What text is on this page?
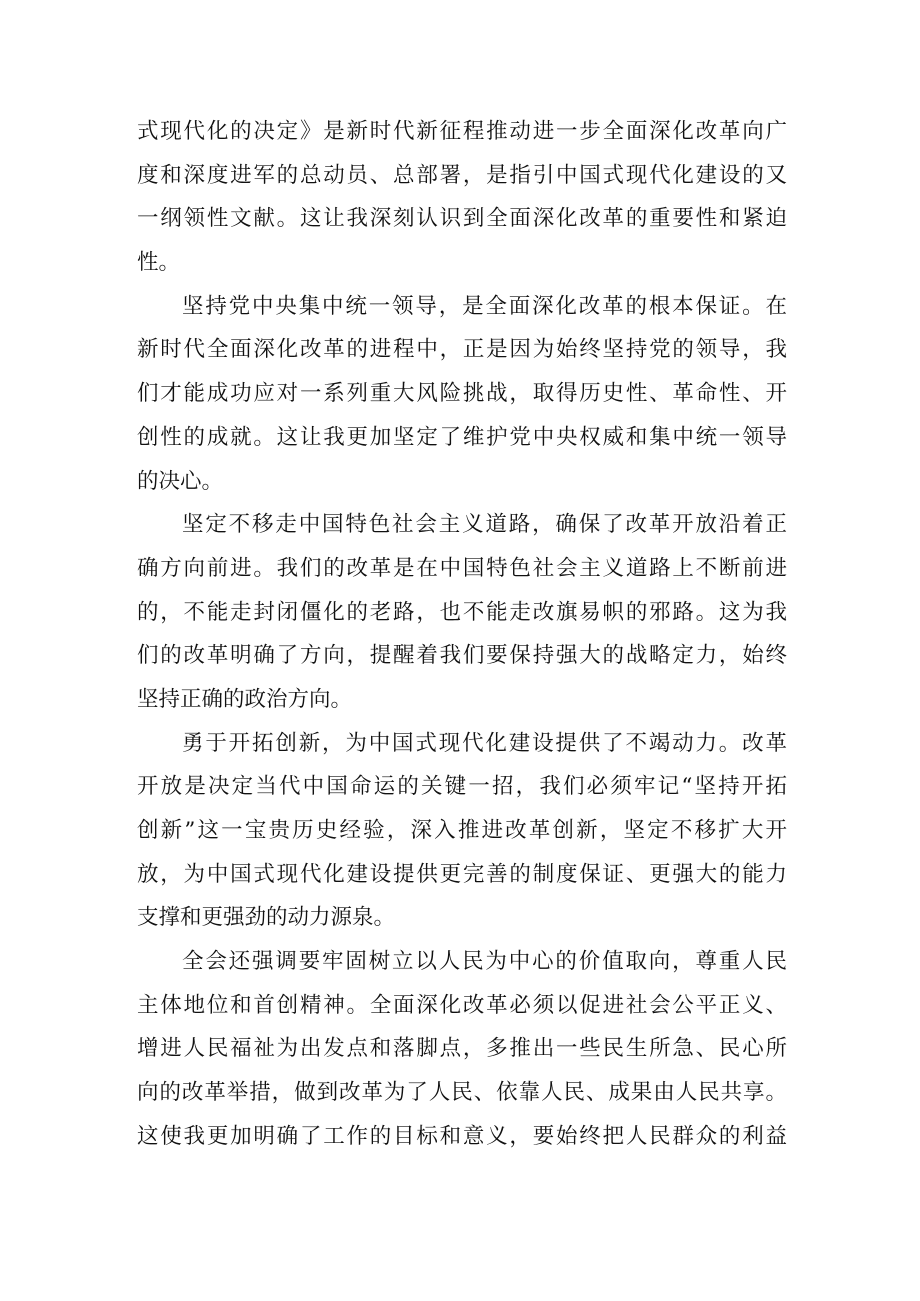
式现代化的决定》是新时代新征程推动进一步全面深化改革向广
度和深度进军的总动员、总部署，是指引中国式现代化建设的又
一纲领性文献。这让我深刻认识到全面深化改革的重要性和紧迫
性。
坚持党中央集中统一领导，是全面深化改革的根本保证。在
新时代全面深化改革的进程中，正是因为始终坚持党的领导，我
们才能成功应对一系列重大风险挑战，取得历史性、革命性、开
创性的成就。这让我更加坚定了维护党中央权威和集中统一领导
的决心。
坚定不移走中国特色社会主义道路，确保了改革开放沿着正
确方向前进。我们的改革是在中国特色社会主义道路上不断前进
的，不能走封闭僵化的老路，也不能走改旗易帜的邪路。这为我
们的改革明确了方向，提醒着我们要保持强大的战略定力，始终
坚持正确的政治方向。
勇于开拓创新，为中国式现代化建设提供了不竭动力。改革
开放是决定当代中国命运的关键一招，我们必须牢记“坚持开拓
创新”这一宝贵历史经验，深入推进改革创新，坚定不移扩大开
放，为中国式现代化建设提供更完善的制度保证、更强大的能力
支撑和更强劲的动力源泉。
全会还强调要牢固树立以人民为中心的价值取向，尊重人民
主体地位和首创精神。全面深化改革必须以促进社会公平正义、
增进人民福祉为出发点和落脚点，多推出一些民生所急、民心所
向的改革举措，做到改革为了人民、依靠人民、成果由人民共享。
这使我更加明确了工作的目标和意义，要始终把人民群众的利益
